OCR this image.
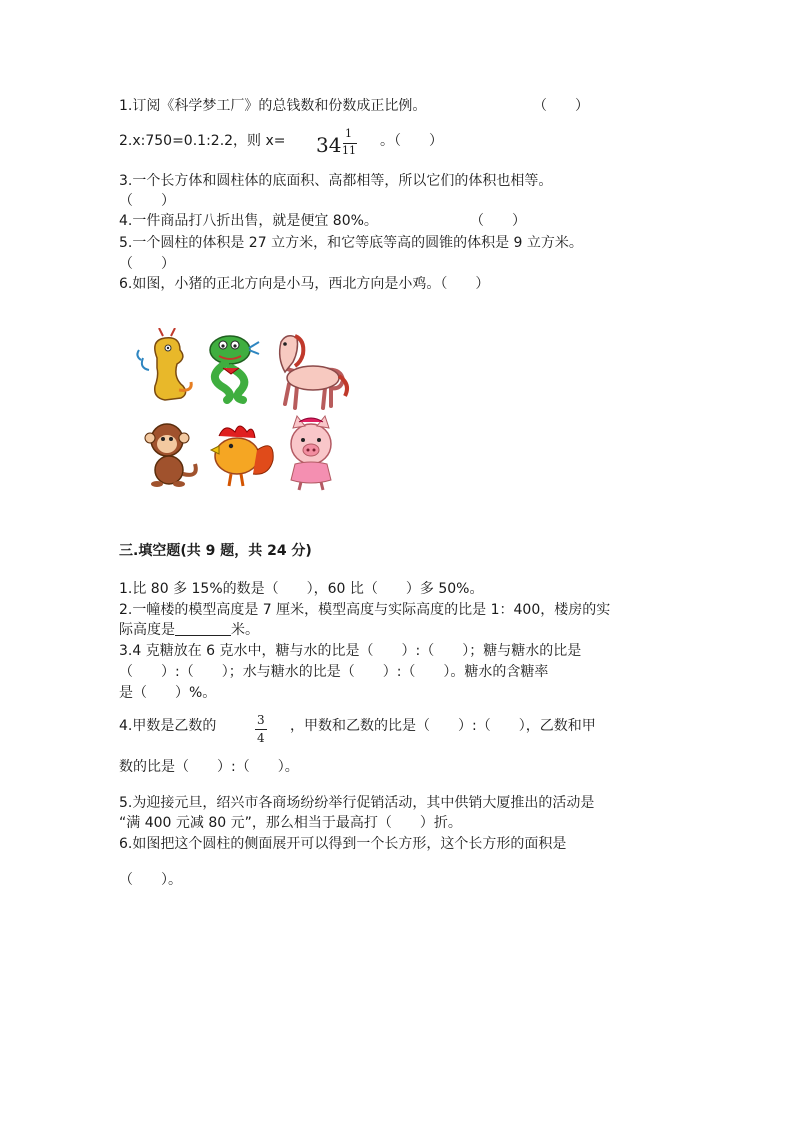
1.订阅《科学梦工厂》的总钱数和份数成正比例。	（　　）
2.x:750=0.1:2.2，则 x= 34 1
11
。（　　）
3.一个长方体和圆柱体的底面积、高都相等，所以它们的体积也相等。
（　　）
4.一件商品打八折出售，就是便宜 80%。	（　　）
5.一个圆柱的体积是 27 立方米，和它等底等高的圆锥的体积是 9 立方米。
（　　）
6.如图，小猪的正北方向是小马，西北方向是小鸡。（　　）
三.填空题(共 9 题，共 24 分)
1.比 80 多 15%的数是（　　），60 比（　　）多 50%。
2.一幢楼的模型高度是 7 厘米，模型高度与实际高度的比是 1：400，楼房的实
际高度是	米。
3.4 克糖放在 6 克水中，糖与水的比是（　　）:（　　）；糖与糖水的比是
（　　）:（　　）；水与糖水的比是（　　）:（　　）。糖水的含糖率
是（　　）%。
4.甲数是乙数的	3
4
，甲数和乙数的比是（　　）:（　　），乙数和甲
数的比是（　　）:（　　）。
5.为迎接元旦，绍兴市各商场纷纷举行促销活动，其中供销大厦推出的活动是
“满 400 元减 80 元”，那么相当于最高打（　　）折。
6.如图把这个圆柱的侧面展开可以得到一个长方形，这个长方形的面积是
（　　）。
